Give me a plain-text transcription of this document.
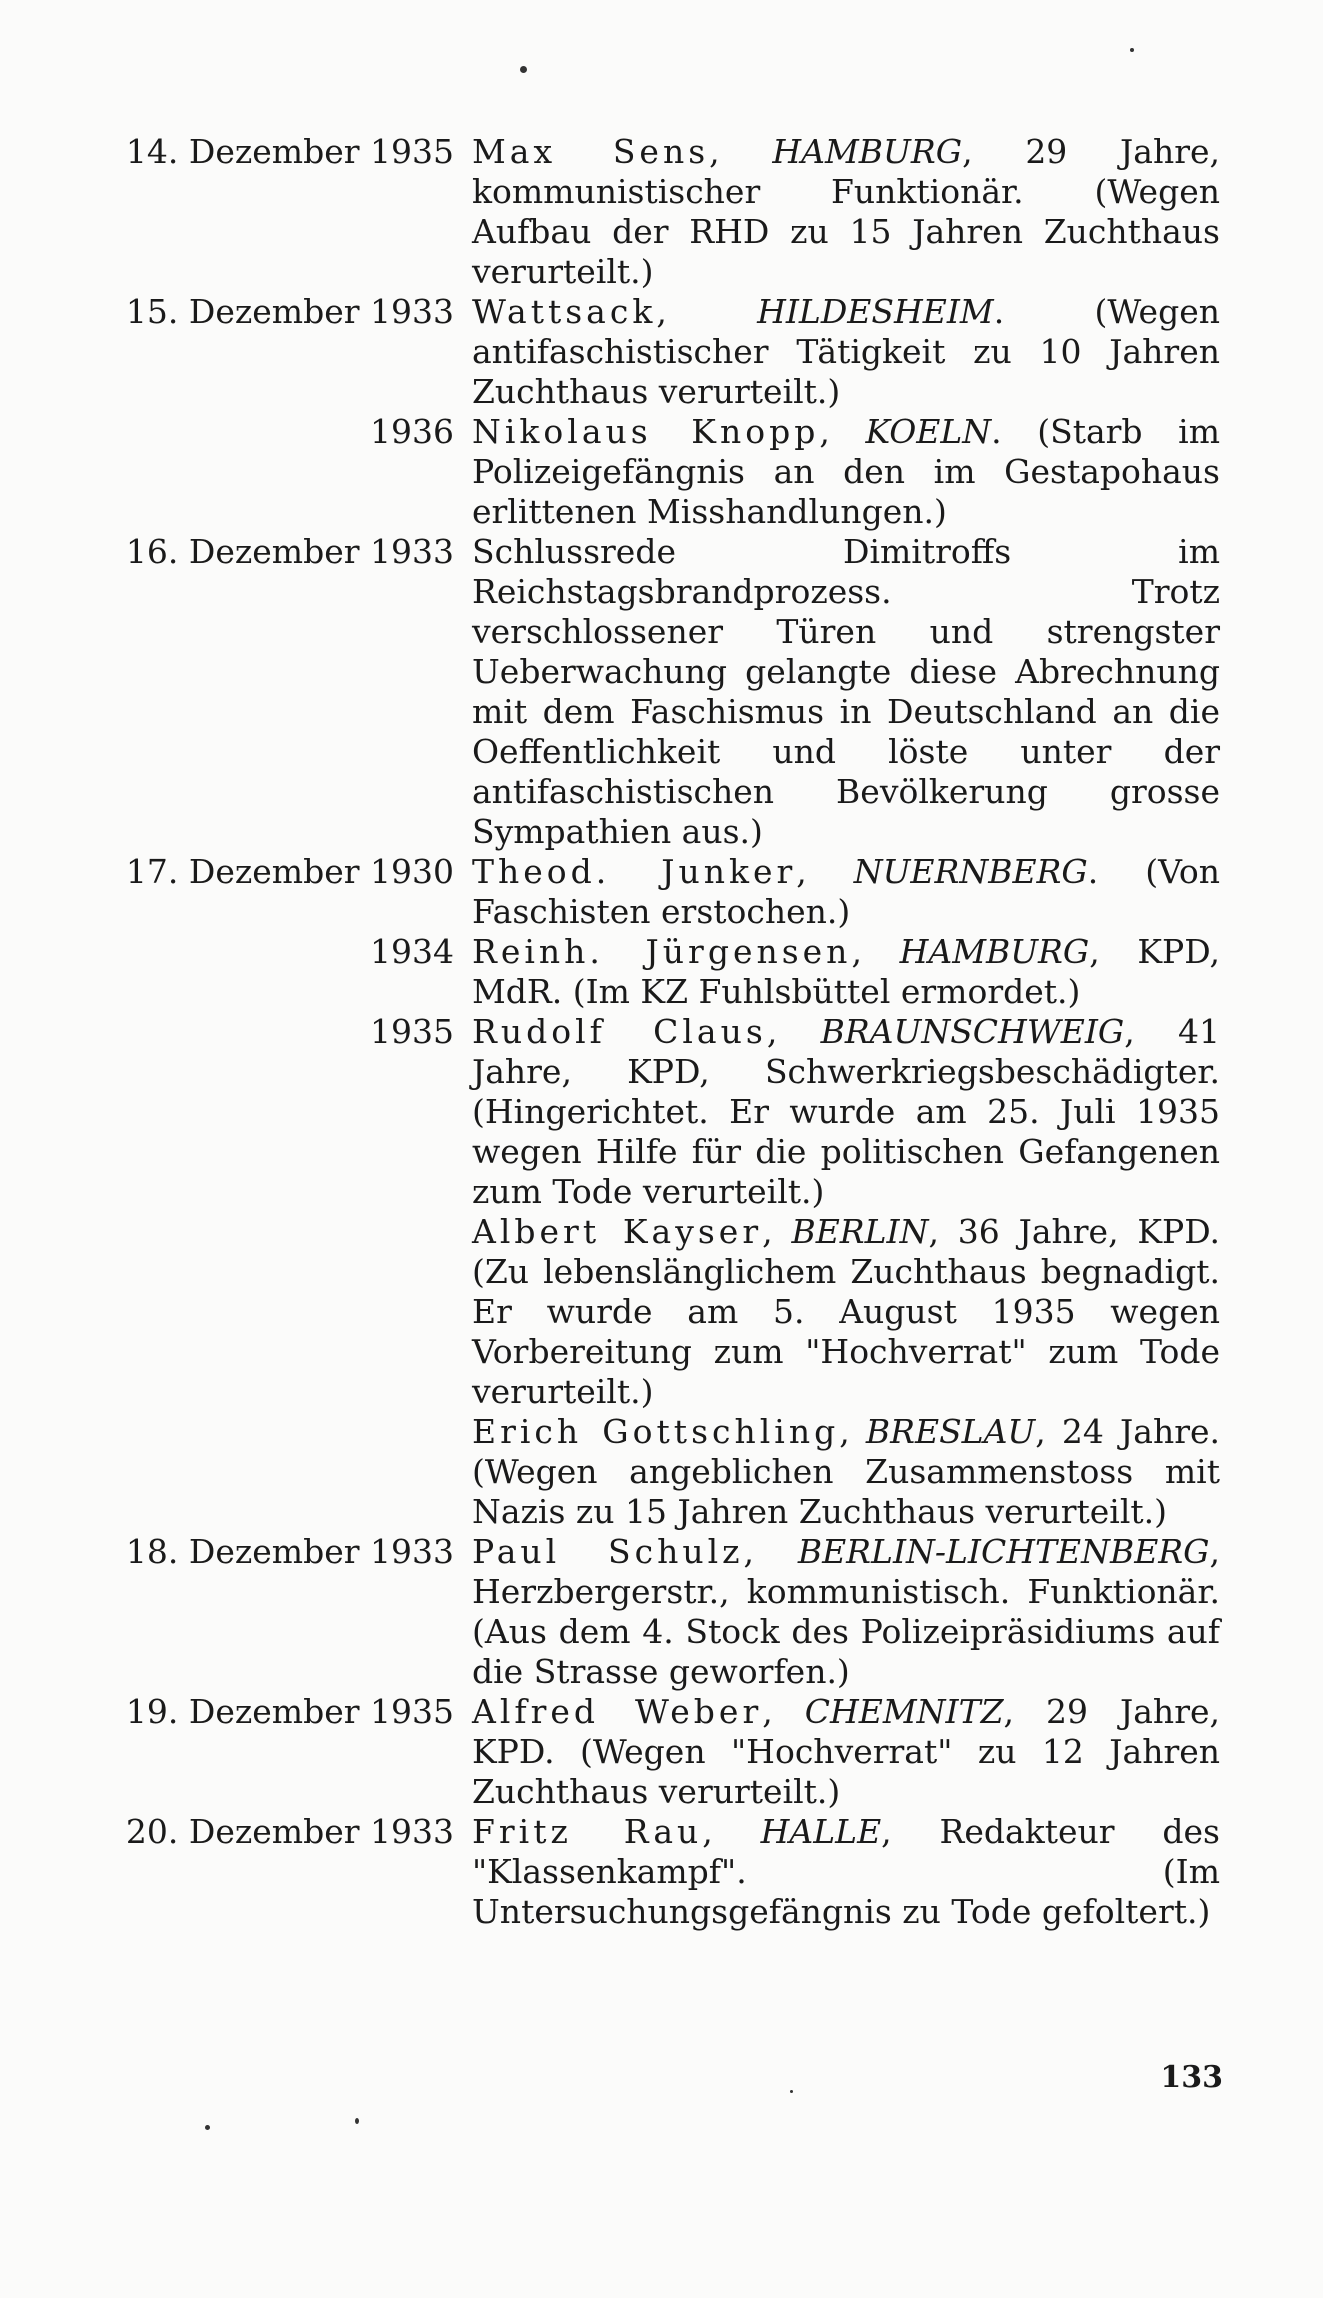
14. Dezember 1935 Max Sens, HAMBURG, 29 Jahre, kommunistischer Funktionär. (Wegen Aufbau der RHD zu 15 Jahren Zuchthaus verurteilt.)
15. Dezember 1933 Wattsack, HILDESHEIM. (Wegen antifaschistischer Tätigkeit zu 10 Jahren Zuchthaus verurteilt.)
1936 Nikolaus Knopp, KOELN. (Starb im Polizeigefängnis an den im Gestapohaus erlittenen Misshandlungen.)
16. Dezember 1933 Schlussrede Dimitroffs im Reichstagsbrandprozess. Trotz verschlossener Türen und strengster Ueberwachung gelangte diese Abrechnung mit dem Faschismus in Deutschland an die Oeffentlichkeit und löste unter der antifaschistischen Bevölkerung grosse Sympathien aus.)
17. Dezember 1930 Theod. Junker, NUERNBERG. (Von Faschisten erstochen.)
1934 Reinh. Jürgensen, HAMBURG, KPD, MdR. (Im KZ Fuhlsbüttel ermordet.)
1935 Rudolf Claus, BRAUNSCHWEIG, 41 Jahre, KPD, Schwerkriegsbeschädigter. (Hingerichtet. Er wurde am 25. Juli 1935 wegen Hilfe für die politischen Gefangenen zum Tode verurteilt.)
Albert Kayser, BERLIN, 36 Jahre, KPD. (Zu lebenslänglichem Zuchthaus begnadigt. Er wurde am 5. August 1935 wegen Vorbereitung zum "Hochverrat" zum Tode verurteilt.)
Erich Gottschling, BRESLAU, 24 Jahre. (Wegen angeblichen Zusammenstoss mit Nazis zu 15 Jahren Zuchthaus verurteilt.)
18. Dezember 1933 Paul Schulz, BERLIN-LICHTENBERG, Herzbergerstr., kommunistisch. Funktionär. (Aus dem 4. Stock des Polizeipräsidiums auf die Strasse geworfen.)
19. Dezember 1935 Alfred Weber, CHEMNITZ, 29 Jahre, KPD. (Wegen "Hochverrat" zu 12 Jahren Zuchthaus verurteilt.)
20. Dezember 1933 Fritz Rau, HALLE, Redakteur des "Klassenkampf". (Im Untersuchungsgefängnis zu Tode gefoltert.)
133
